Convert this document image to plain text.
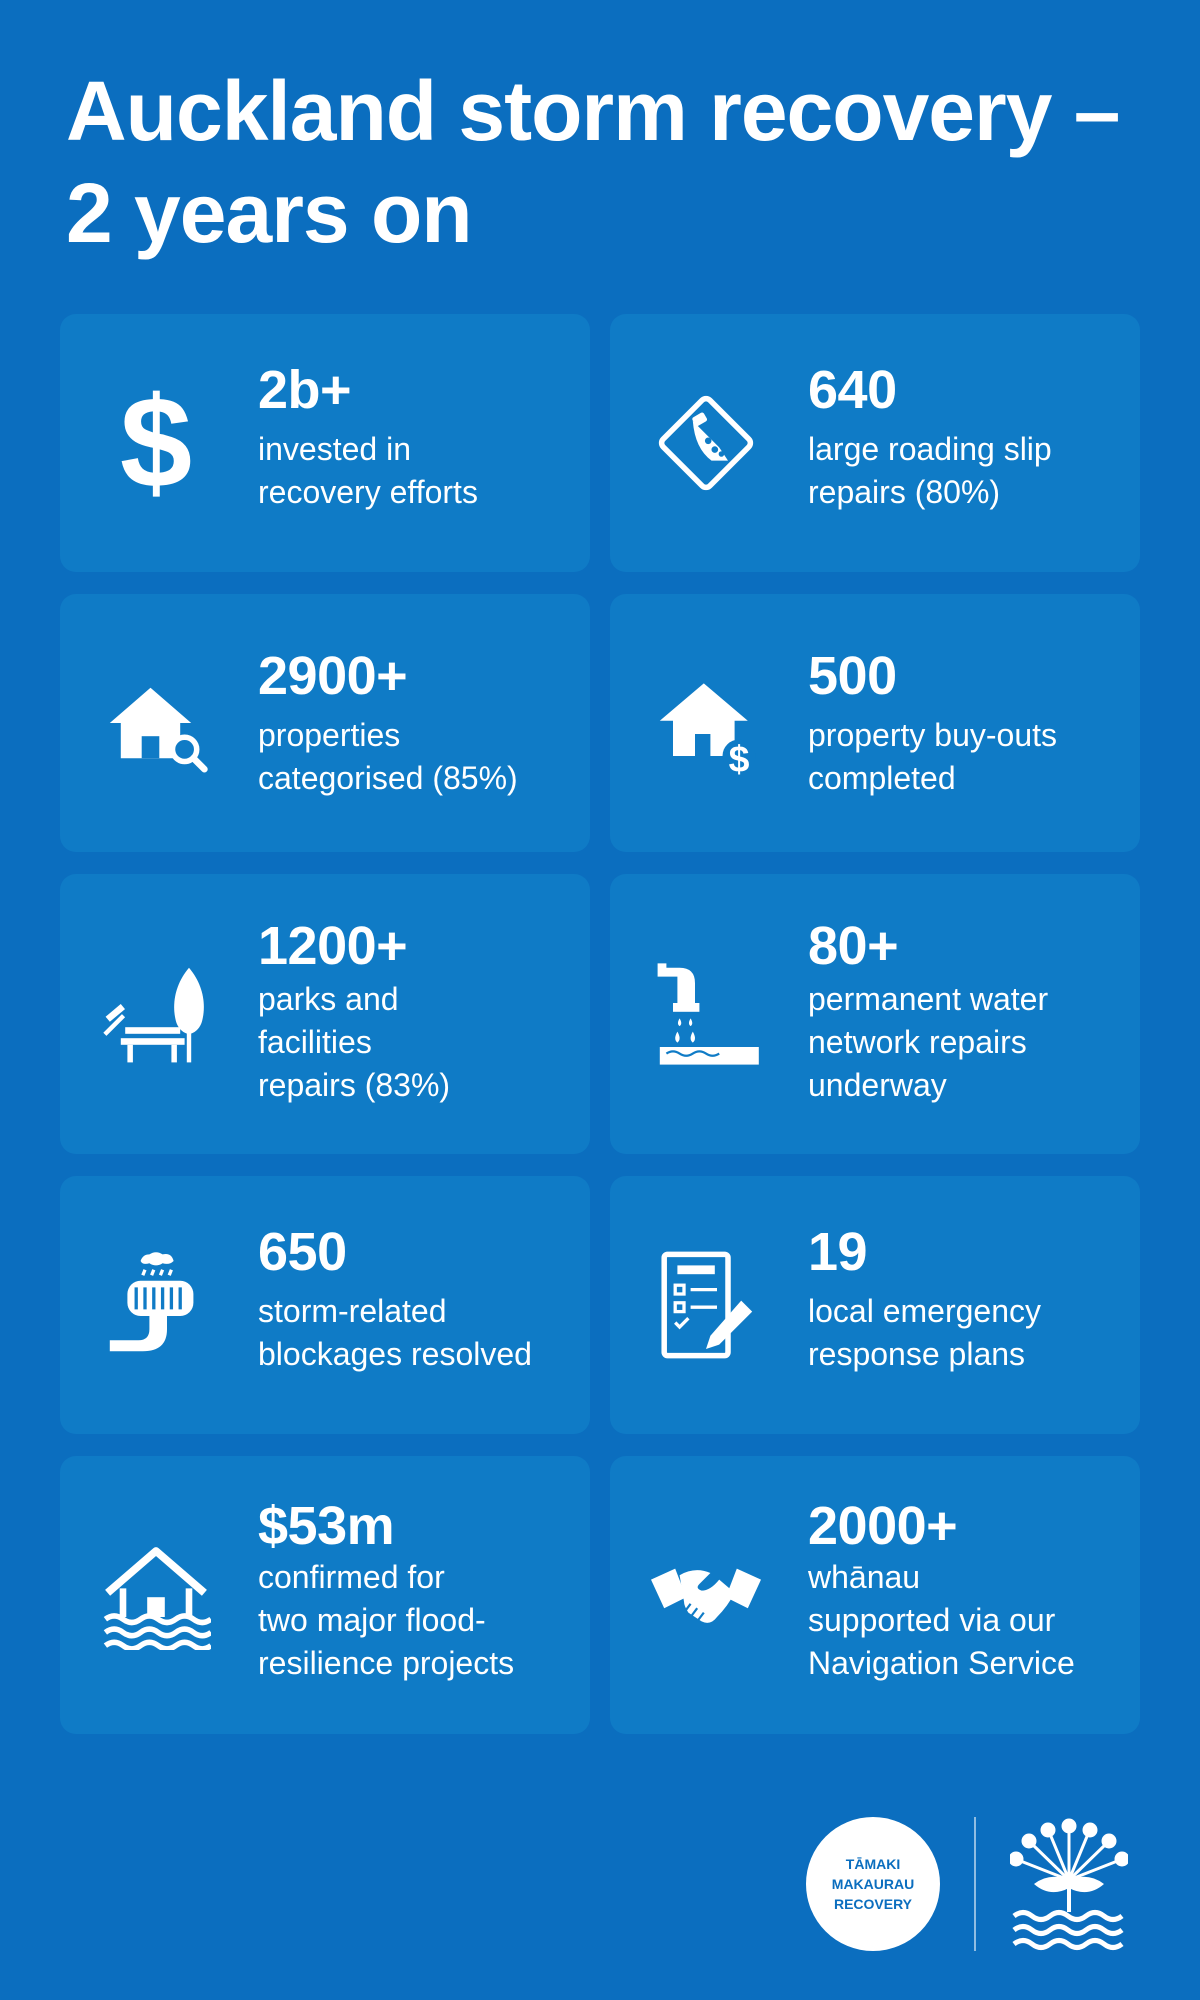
Auckland storm recovery –
2 years on
$ 2b+
invested in
recovery efforts
640
large roading slip
repairs (80%)
2900+
properties
categorised (85%)	$
500
property buy-outs
completed
1200+
parks and
facilities
repairs (83%)
80+
permanent water
network repairs
underway
650
storm-related
blockages resolved
19
local emergency
response plans
$53m
confirmed for
two major flood-
resilience projects
2000+
whānau
supported via our
Navigation Service
TĀMAKI
MAKAURAU
RECOVERY
